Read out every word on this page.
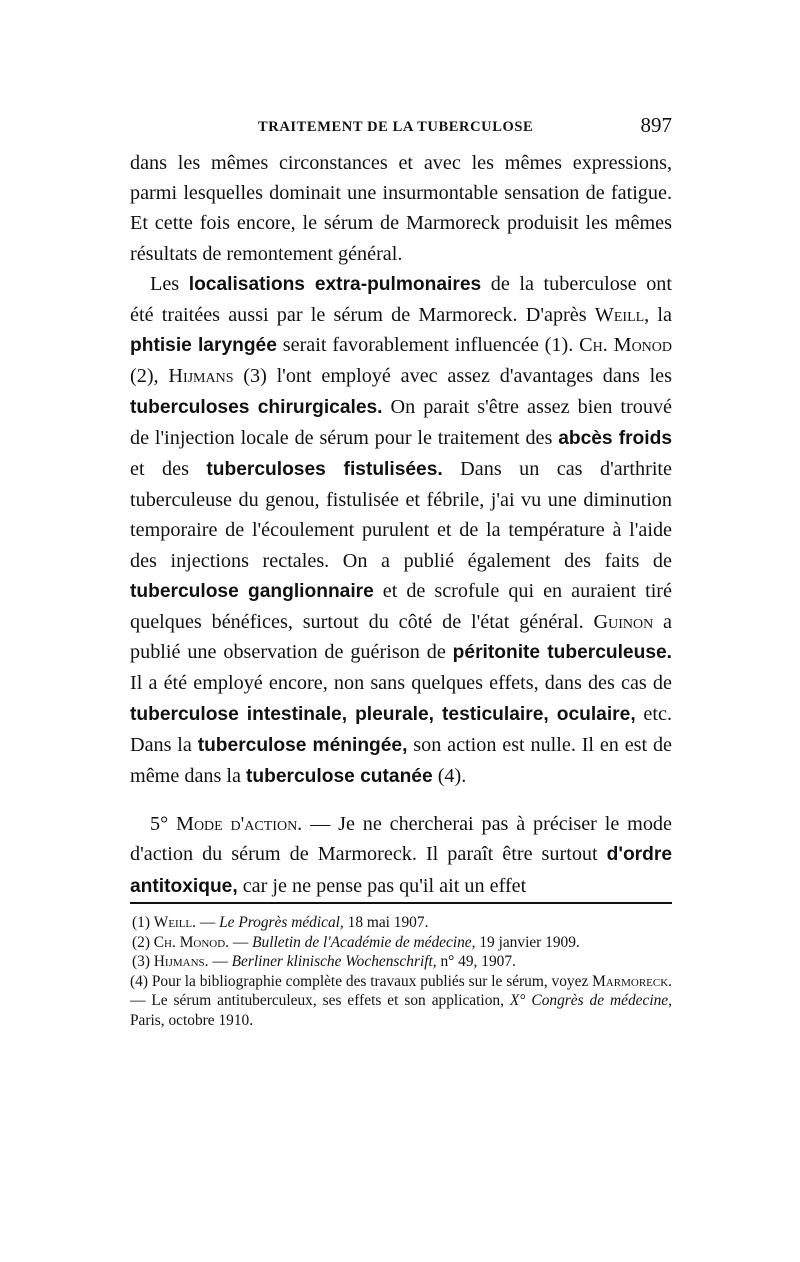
TRAITEMENT DE LA TUBERCULOSE	897

dans les mêmes circonstances et avec les mêmes expressions, parmi lesquelles dominait une insurmontable sensation de fatigue. Et cette fois encore, le sérum de Marmoreck produisit les mêmes résultats de remontement général.

Les localisations extra-pulmonaires de la tuberculose ont été traitées aussi par le sérum de Marmoreck. D'après Weill, la phtisie laryngée serait favorablement influencée (1). Ch. Monod (2), Hijmans (3) l'ont employé avec assez d'avantages dans les tuberculoses chirurgicales. On parait s'être assez bien trouvé de l'injection locale de sérum pour le traitement des abcès froids et des tuberculoses fistulisées. Dans un cas d'arthrite tuberculeuse du genou, fistulisée et fébrile, j'ai vu une diminution temporaire de l'écoulement purulent et de la température à l'aide des injections rectales. On a publié également des faits de tuberculose ganglionnaire et de scrofule qui en auraient tiré quelques bénéfices, surtout du côté de l'état général. Guinon a publié une observation de guérison de péritonite tuberculeuse. Il a été employé encore, non sans quelques effets, dans des cas de tuberculose intestinale, pleurale, testiculaire, oculaire, etc. Dans la tuberculose méningée, son action est nulle. Il en est de même dans la tuberculose cutanée (4).

5° Mode d'action. — Je ne chercherai pas à préciser le mode d'action du sérum de Marmoreck. Il paraît être surtout d'ordre antitoxique, car je ne pense pas qu'il ait un effet

(1) Weill. — Le Progrès médical, 18 mai 1907.

(2) Ch. Monod. — Bulletin de l'Académie de médecine, 19 janvier 1909.

(3) Hijmans. — Berliner klinische Wochenschrift, n° 49, 1907.

(4) Pour la bibliographie complète des travaux publiés sur le sérum, voyez Marmoreck. — Le sérum antituberculeux, ses effets et son application, X° Congrès de médecine, Paris, octobre 1910.
